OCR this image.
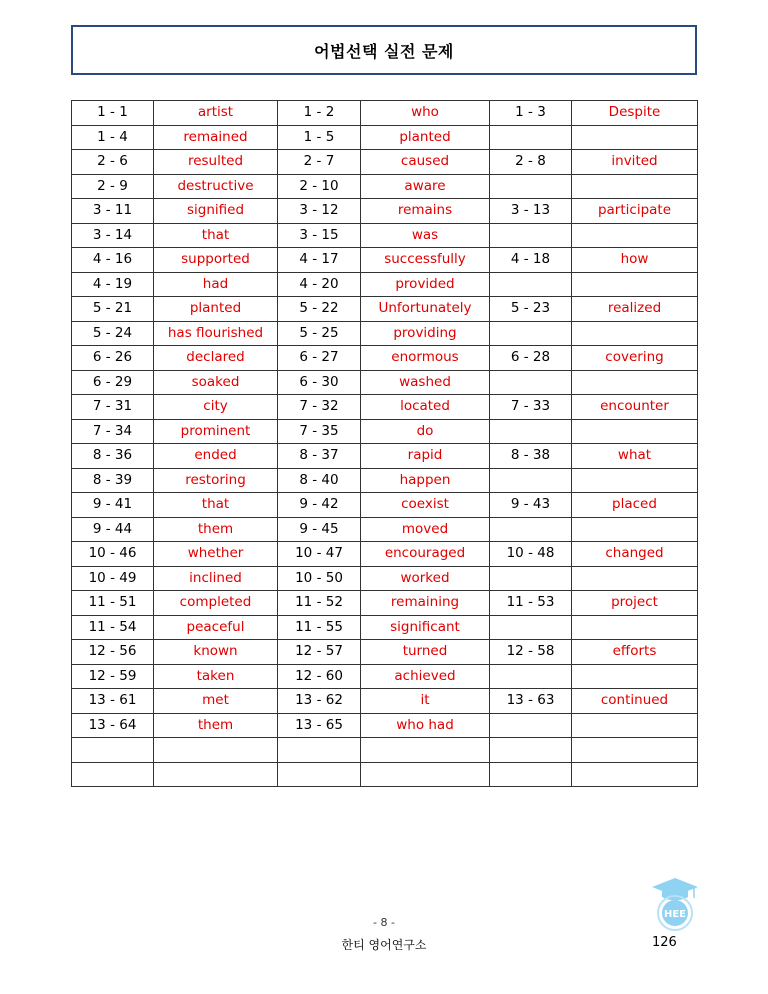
어법선택 실전 문제
1 - 1	artist	1 - 2	who	1 - 3	Despite
1 - 4	remained	1 - 5	planted		
2 - 6	resulted	2 - 7	caused	2 - 8	invited
2 - 9	destructive	2 - 10	aware		
3 - 11	signified	3 - 12	remains	3 - 13	participate
3 - 14	that	3 - 15	was		
4 - 16	supported	4 - 17	successfully	4 - 18	how
4 - 19	had	4 - 20	provided		
5 - 21	planted	5 - 22	Unfortunately	5 - 23	realized
5 - 24	has flourished	5 - 25	providing		
6 - 26	declared	6 - 27	enormous	6 - 28	covering
6 - 29	soaked	6 - 30	washed		
7 - 31	city	7 - 32	located	7 - 33	encounter
7 - 34	prominent	7 - 35	do		
8 - 36	ended	8 - 37	rapid	8 - 38	what
8 - 39	restoring	8 - 40	happen		
9 - 41	that	9 - 42	coexist	9 - 43	placed
9 - 44	them	9 - 45	moved		
10 - 46	whether	10 - 47	encouraged	10 - 48	changed
10 - 49	inclined	10 - 50	worked		
11 - 51	completed	11 - 52	remaining	11 - 53	project
11 - 54	peaceful	11 - 55	significant		
12 - 56	known	12 - 57	turned	12 - 58	efforts
12 - 59	taken	12 - 60	achieved		
13 - 61	met	13 - 62	it	13 - 63	continued
13 - 64	them	13 - 65	who had		

HEE
- 8 -
한티 영어연구소	126
